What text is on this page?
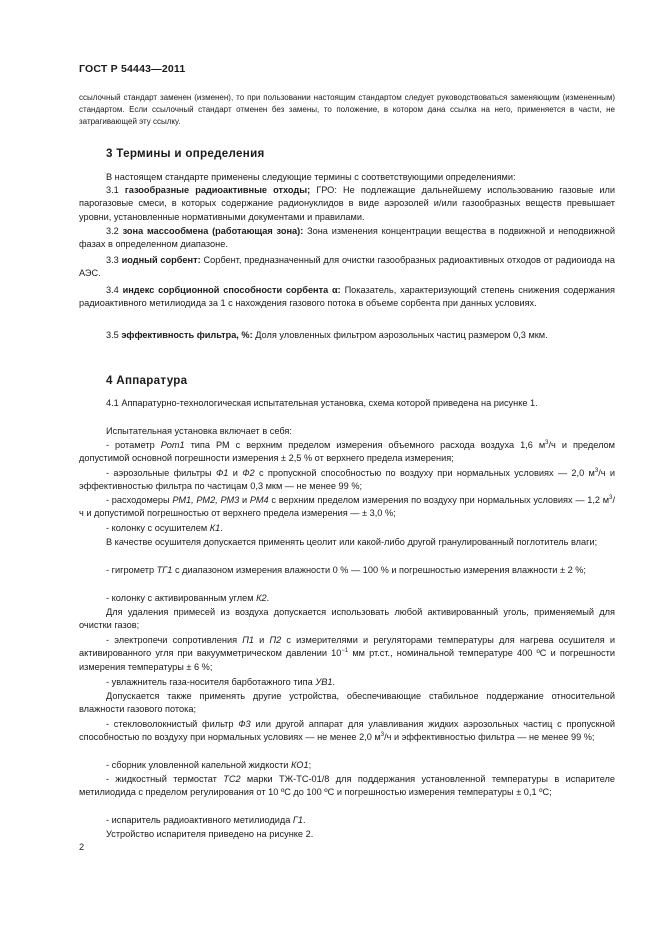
ГОСТ Р 54443—2011
ссылочный стандарт заменен (изменен), то при пользовании настоящим стандартом следует руководствоваться заменяющим (измененным) стандартом. Если ссылочный стандарт отменен без замены, то положение, в котором дана ссылка на него, применяется в части, не затрагивающей эту ссылку.
3 Термины и определения
В настоящем стандарте применены следующие термины с соответствующими определениями:
3.1 газообразные радиоактивные отходы; ГРО: Не подлежащие дальнейшему использованию газовые или парогазовые смеси, в которых содержание радионуклидов в виде аэрозолей и/или газообразных веществ превышает уровни, установленные нормативными документами и правилами.
3.2 зона массообмена (работающая зона): Зона изменения концентрации вещества в подвижной и неподвижной фазах в определенном диапазоне.
3.3 иодный сорбент: Сорбент, предназначенный для очистки газообразных радиоактивных отходов от радиоиода на АЭС.
3.4 индекс сорбционной способности сорбента α: Показатель, характеризующий степень снижения содержания радиоактивного метилиодида за 1 с нахождения газового потока в объеме сорбента при данных условиях.
3.5 эффективность фильтра, %: Доля уловленных фильтром аэрозольных частиц размером 0,3 мкм.
4 Аппаратура
4.1 Аппаратурно-технологическая испытательная установка, схема которой приведена на рисунке 1.
Испытательная установка включает в себя:
- ротаметр Рот1 типа РМ с верхним пределом измерения объемного расхода воздуха 1,6 $м^3/ч$ и пределом допустимой основной погрешности измерения ± 2,5 % от верхнего предела измерения;
- аэрозольные фильтры Ф1 и Ф2 с пропускной способностью по воздуху при нормальных условиях — 2,0 $м^3/ч$ и эффективностью фильтра по частицам 0,3 мкм — не менее 99 %;
- расходомеры РМ1, РМ2, РМ3 и РМ4 с верхним пределом измерения по воздуху при нормальных условиях — 1,2 $м^3/ч$ и допустимой погрешностью от верхнего предела измерения — ± 3,0 %;
- колонку с осушителем К1.
В качестве осушителя допускается применять цеолит или какой-либо другой гранулированный поглотитель влаги;
- гигрометр ТГ1 с диапазоном измерения влажности 0 % — 100 % и погрешностью измерения влажности ± 2 %;
- колонку с активированным углем К2.
Для удаления примесей из воздуха допускается использовать любой активированный уголь, применяемый для очистки газов;
- электропечи сопротивления П1 и П2 с измерителями и регуляторами температуры для нагрева осушителя и активированного угля при вакуумметрическом давлении $10^{-1}$ мм рт.ст., номинальной температуре 400 ºС и погрешности измерения температуры ± 6 %;
- увлажнитель газа-носителя барботажного типа УВ1.
Допускается также применять другие устройства, обеспечивающие стабильное поддержание относительной влажности газового потока;
- стекловолокнистый фильтр Ф3 или другой аппарат для улавливания жидких аэрозольных частиц с пропускной способностью по воздуху при нормальных условиях — не менее 2,0 $м^3/ч$ и эффективностью фильтра — не менее 99 %;
- сборник уловленной капельной жидкости КО1;
- жидкостный термостат ТС2 марки ТЖ-ТС-01/8 для поддержания установленной температуры в испарителе метилиодида с пределом регулирования от 10 ºС до 100 ºС и погрешностью измерения температуры ± 0,1 ºС;
- испаритель радиоактивного метилиодида Г1.
Устройство испарителя приведено на рисунке 2.
2
